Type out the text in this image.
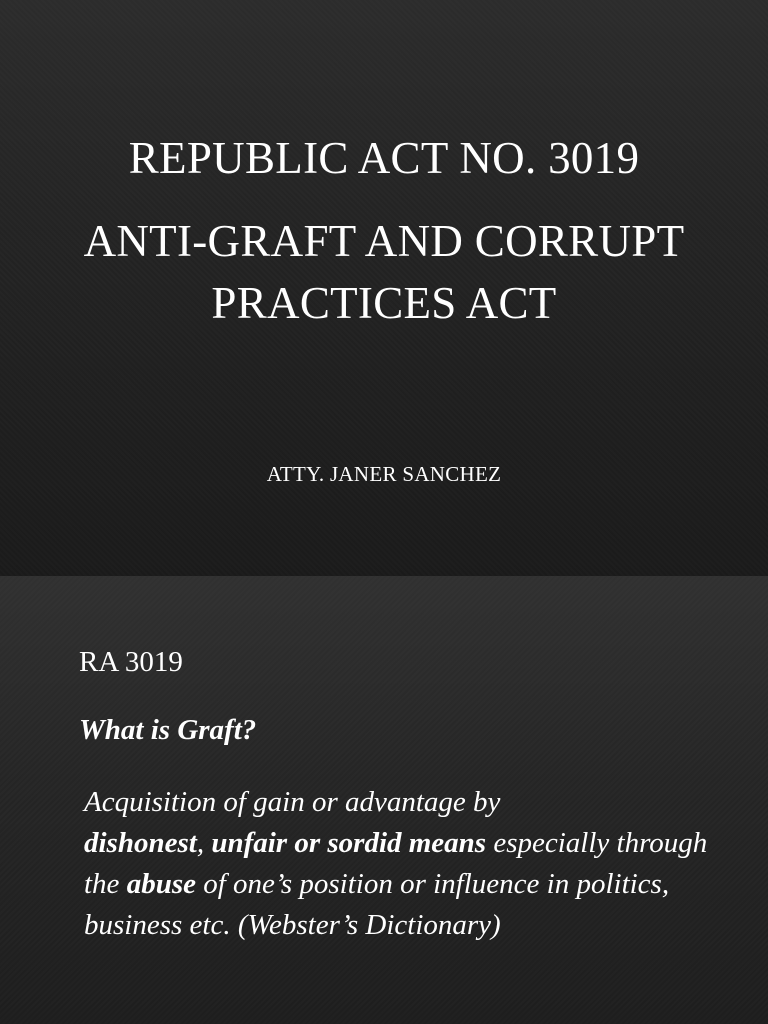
REPUBLIC ACT NO. 3019
ANTI-GRAFT AND CORRUPT
PRACTICES ACT
ATTY. JANER SANCHEZ
RA 3019
What is Graft?
Acquisition of gain or advantage by
dishonest, unfair or sordid means especially through the abuse of one’s position or influence in politics, business etc. (Webster’s Dictionary)
